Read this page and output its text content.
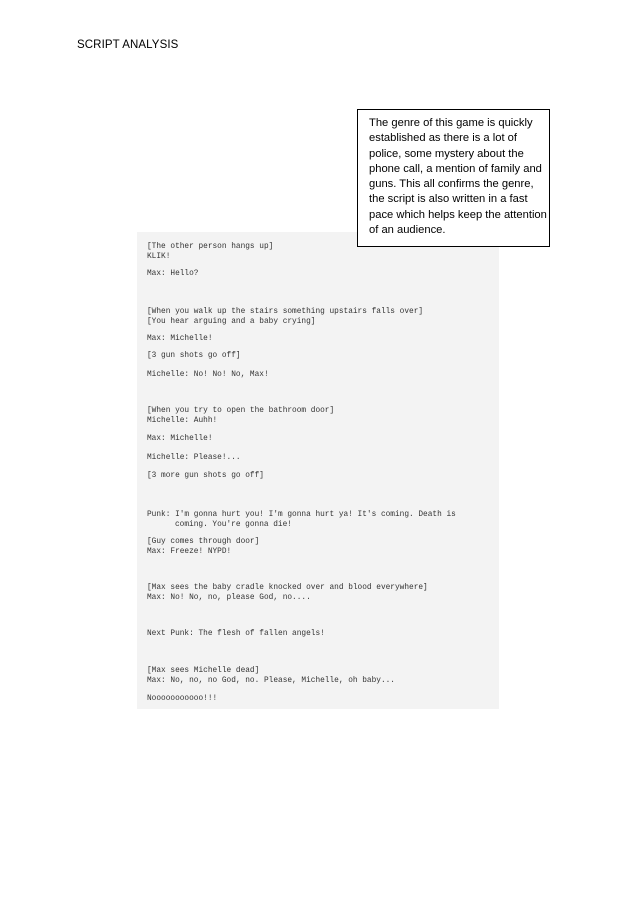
SCRIPT ANALYSIS
[The other person hangs up]
KLIK!
Max: Hello?
[When you walk up the stairs something upstairs falls over]
[You hear arguing and a baby crying]
Max: Michelle!
[3 gun shots go off]
Michelle: No! No! No, Max!
[When you try to open the bathroom door]
Michelle: Auhh!
Max: Michelle!
Michelle: Please!...
[3 more gun shots go off]
Punk: I'm gonna hurt you! I'm gonna hurt ya! It's coming. Death is
coming. You're gonna die!
[Guy comes through door]
Max: Freeze! NYPD!
[Max sees the baby cradle knocked over and blood everywhere]
Max: No! No, no, please God, no....
Next Punk: The flesh of fallen angels!
[Max sees Michelle dead]
Max: No, no, no God, no. Please, Michelle, oh baby...
Nooooooooooo!!!
The genre of this game is quickly
established as there is a lot of
police, some mystery about the
phone call, a mention of family and
guns. This all confirms the genre,
the script is also written in a fast
pace which helps keep the attention
of an audience.
